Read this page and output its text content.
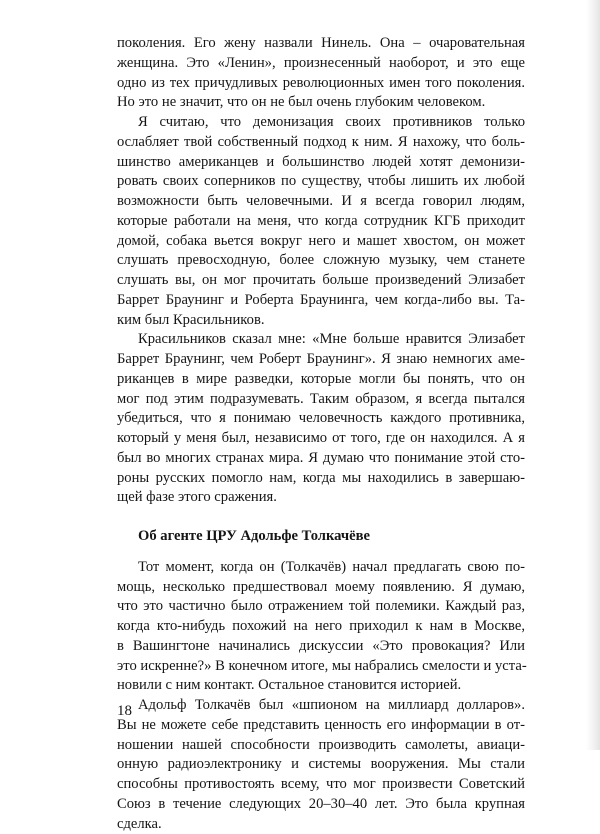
поколения. Его жену назвали Нинель. Она – очаровательная
женщина. Это «Ленин», произнесенный наоборот, и это еще
одно из тех причудливых революционных имен того поколения.
Но это не значит, что он не был очень глубоким человеком.
Я считаю, что демонизация своих противников только
ослабляет твой собственный подход к ним. Я нахожу, что боль-
шинство американцев и большинство людей хотят демонизи-
ровать своих соперников по существу, чтобы лишить их любой
возможности быть человечными. И я всегда говорил людям,
которые работали на меня, что когда сотрудник КГБ приходит
домой, собака вьется вокруг него и машет хвостом, он может
слушать превосходную, более сложную музыку, чем станете
слушать вы, он мог прочитать больше произведений Элизабет
Баррет Браунинг и Роберта Браунинга, чем когда-либо вы. Та-
ким был Красильников.
Красильников сказал мне: «Мне больше нравится Элизабет
Баррет Браунинг, чем Роберт Браунинг». Я знаю немногих аме-
риканцев в мире разведки, которые могли бы понять, что он
мог под этим подразумевать. Таким образом, я всегда пытался
убедиться, что я понимаю человечность каждого противника,
который у меня был, независимо от того, где он находился. А я
был во многих странах мира. Я думаю что понимание этой сто-
роны русских помогло нам, когда мы находились в завершаю-
щей фазе этого сражения.
Об агенте ЦРУ Адольфе Толкачёве
Тот момент, когда он (Толкачёв) начал предлагать свою по-
мощь, несколько предшествовал моему появлению. Я думаю,
что это частично было отражением той полемики. Каждый раз,
когда кто-нибудь похожий на него приходил к нам в Москве,
в Вашингтоне начинались дискуссии «Это провокация? Или
это искренне?» В конечном итоге, мы набрались смелости и уста-
новили с ним контакт. Остальное становится историей.
Адольф Толкачёв был «шпионом на миллиард долларов».
Вы не можете себе представить ценность его информации в от-
ношении нашей способности производить самолеты, авиаци-
онную радиоэлектронику и системы вооружения. Мы стали
способны противостоять всему, что мог произвести Советский
Союз в течение следующих 20–30–40 лет. Это была крупная
сделка.
18
